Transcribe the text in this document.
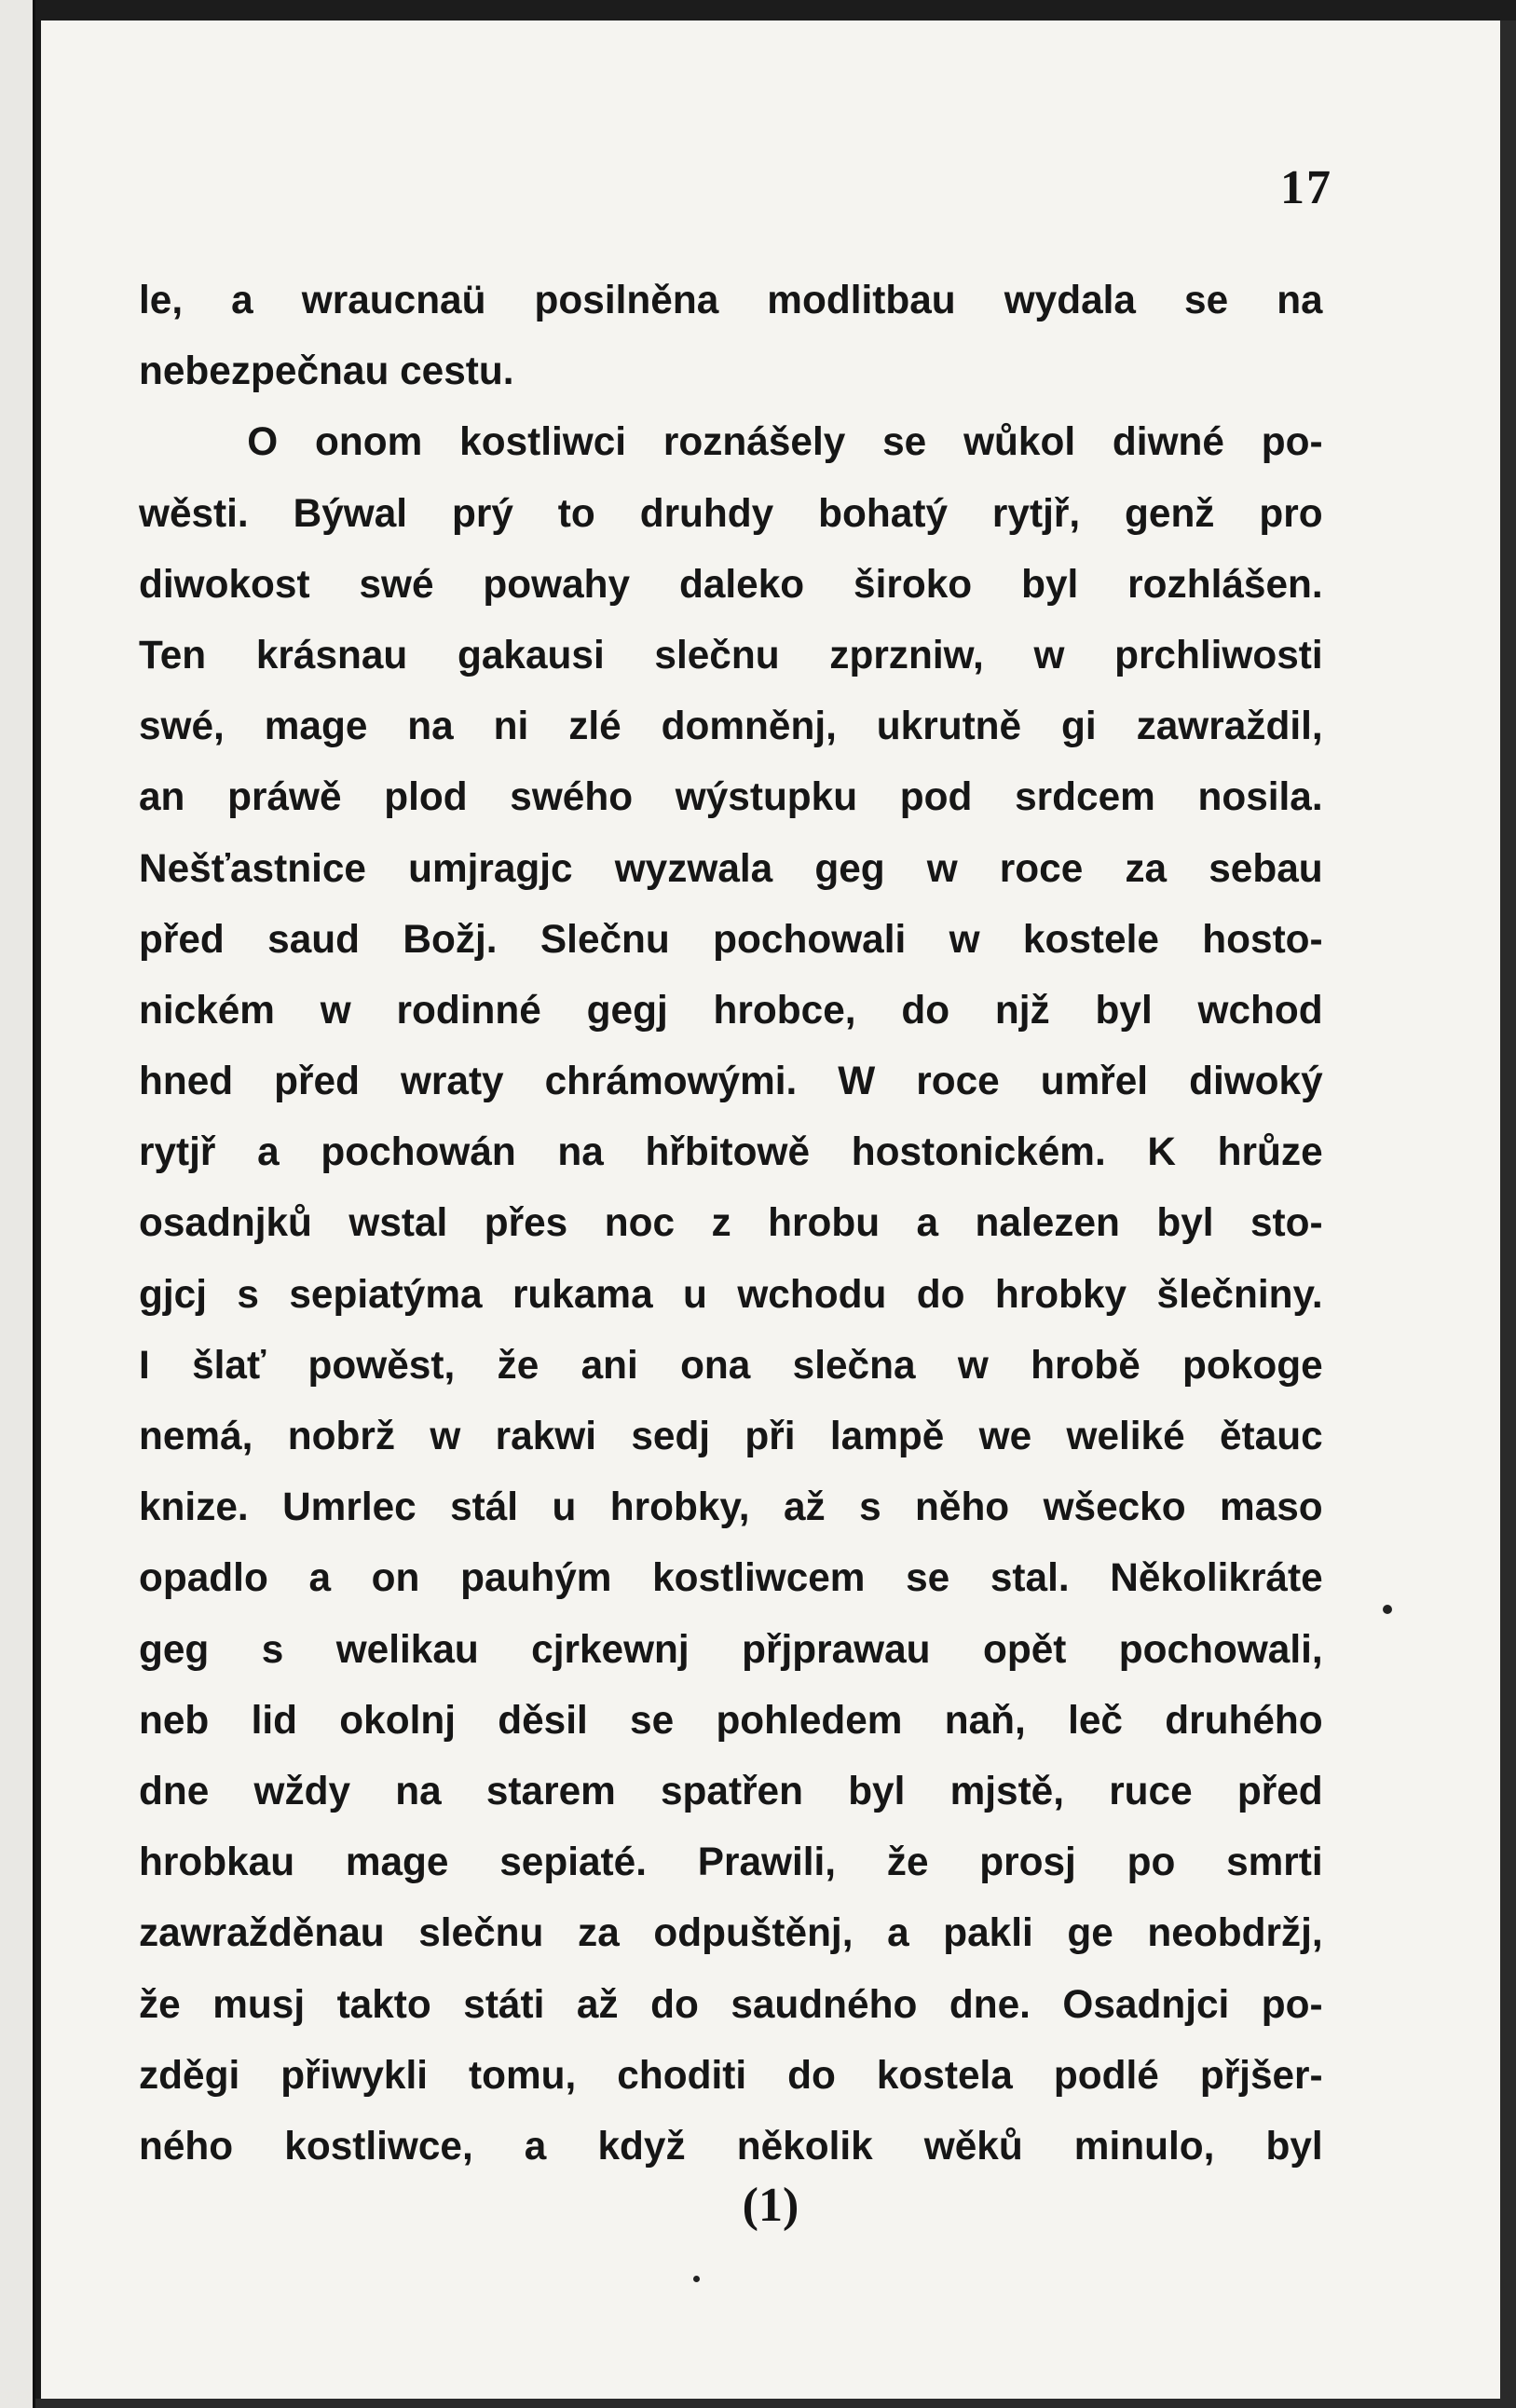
17
le, a wraucnaü posilněna modlitbau wydala se na
nebezpečnau cestu.
O onom kostliwci roznášely se wůkol diwné po-
wěsti. Býwal prý to druhdy bohatý rytjř, genž pro
diwokost swé powahy daleko široko byl rozhlášen.
Ten krásnau gakausi slečnu zprzniw, w prchliwosti
swé, mage na ni zlé domněnj, ukrutně gi zawraždil,
an práwě plod swého wýstupku pod srdcem nosila.
Nešťastnice umjragjc wyzwala geg w roce za sebau
před saud Božj. Slečnu pochowali w kostele hosto-
nickém w rodinné gegj hrobce, do njž byl wchod
hned před wraty chrámowými. W roce umřel diwoký
rytjř a pochowán na hřbitowě hostonickém. K hrůze
osadnjků wstal přes noc z hrobu a nalezen byl sto-
gjcj s sepiatýma rukama u wchodu do hrobky šlečniny.
I šlať powěst, že ani ona slečna w hrobě pokoge
nemá, nobrž w rakwi sedj při lampě we weliké ětauc
knize. Umrlec stál u hrobky, až s něho wšecko maso
opadlo a on pauhým kostliwcem se stal. Několikráte
geg s welikau cjrkewnj přjprawau opět pochowali,
neb lid okolnj děsil se pohledem naň, leč druhého
dne wždy na starem spatřen byl mjstě, ruce před
hrobkau mage sepiaté. Prawili, že prosj po smrti
zawražděnau slečnu za odpuštěnj, a pakli ge neobdržj,
že musj takto státi až do saudného dne. Osadnjci po-
zděgi přiwykli tomu, choditi do kostela podlé přjšer-
ného kostliwce, a když několik wěků minulo, byl
(1)
